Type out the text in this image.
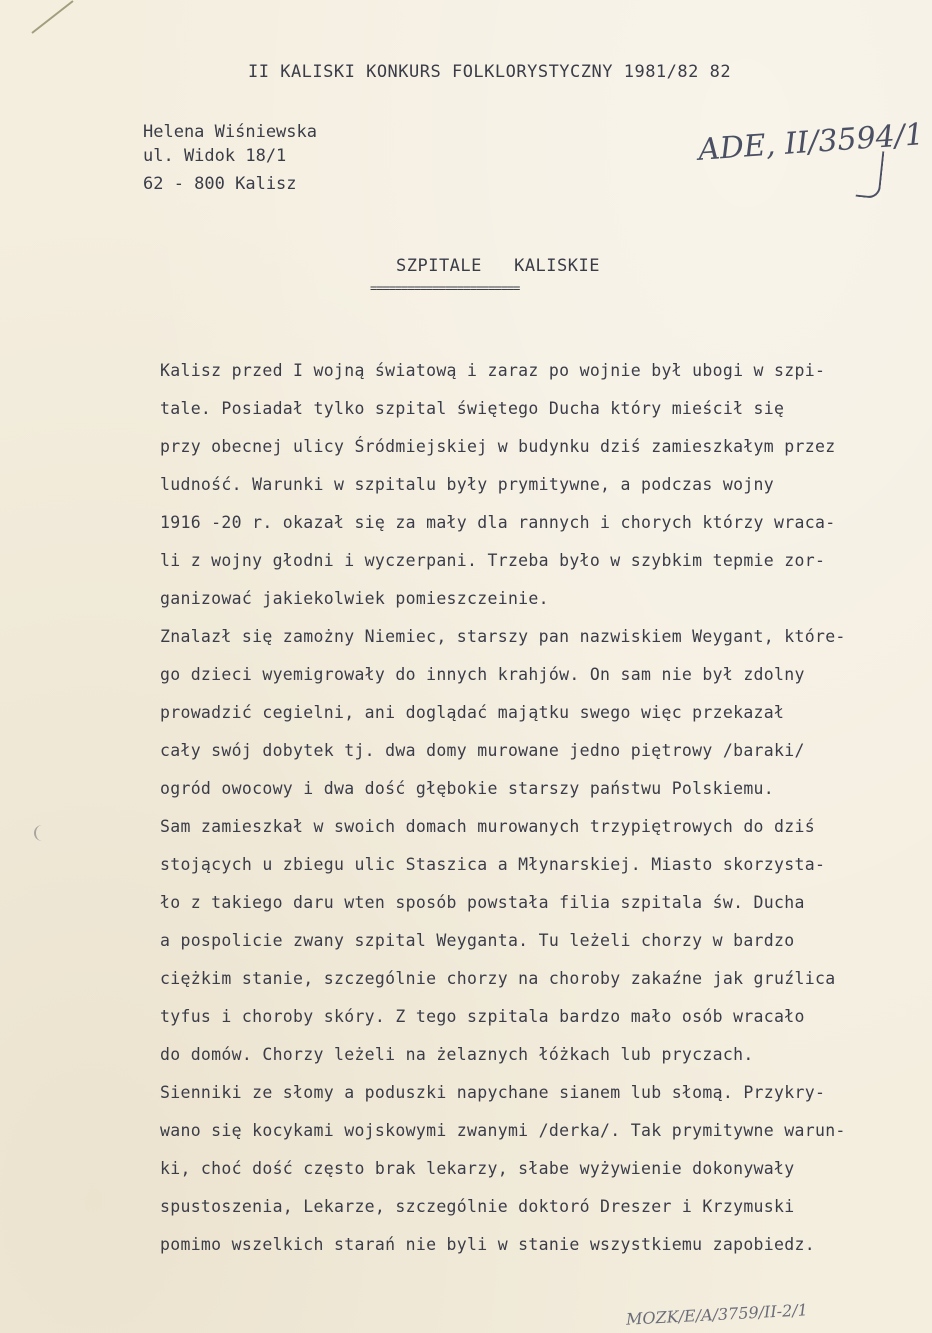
II KALISKI KONKURS FOLKLORYSTYCZNY 1981/82 82
Helena Wiśniewska
ul. Widok 18/1
62 - 800 Kalisz
ADE, II/3594/1
SZPITALE   KALISKIE
========================
Kalisz przed I wojną światową i zaraz po wojnie był ubogi w szpi-
tale. Posiadał tylko szpital świętego Ducha który mieścił się
przy obecnej ulicy Śródmiejskiej w budynku dziś zamieszkałym przez
ludność. Warunki w szpitalu były prymitywne, a podczas wojny
1916 -20 r. okazał się za mały dla rannych i chorych którzy wraca-
li z wojny głodni i wyczerpani. Trzeba było w szybkim tepmie zor-
ganizować jakiekolwiek pomieszczeinie.
Znalazł się zamożny Niemiec, starszy pan nazwiskiem Weygant, które-
go dzieci wyemigrowały do innych krahjów. On sam nie był zdolny
prowadzić cegielni, ani doglądać majątku swego więc przekazał
cały swój dobytek tj. dwa domy murowane jedno piętrowy /baraki/
ogród owocowy i dwa dość głębokie starszy państwu Polskiemu.
Sam zamieszkał w swoich domach murowanych trzypiętrowych do dziś
stojących u zbiegu ulic Staszica a Młynarskiej. Miasto skorzysta-
ło z takiego daru wten sposób powstała filia szpitala św. Ducha
a pospolicie zwany szpital Weyganta. Tu leżeli chorzy w bardzo
ciężkim stanie, szczególnie chorzy na choroby zakaźne jak gruźlica
tyfus i choroby skóry. Z tego szpitala bardzo mało osób wracało
do domów. Chorzy leżeli na żelaznych łóżkach lub pryczach.
Sienniki ze słomy a poduszki napychane sianem lub słomą. Przykry-
wano się kocykami wojskowymi zwanymi /derka/. Tak prymitywne warun-
ki, choć dość często brak lekarzy, słabe wyżywienie dokonywały
spustoszenia, Lekarze, szczególnie doktoró Dreszer i Krzymuski
pomimo wszelkich starań nie byli w stanie wszystkiemu zapobiedz.
MOZK/E/A/3759/II-2/1
